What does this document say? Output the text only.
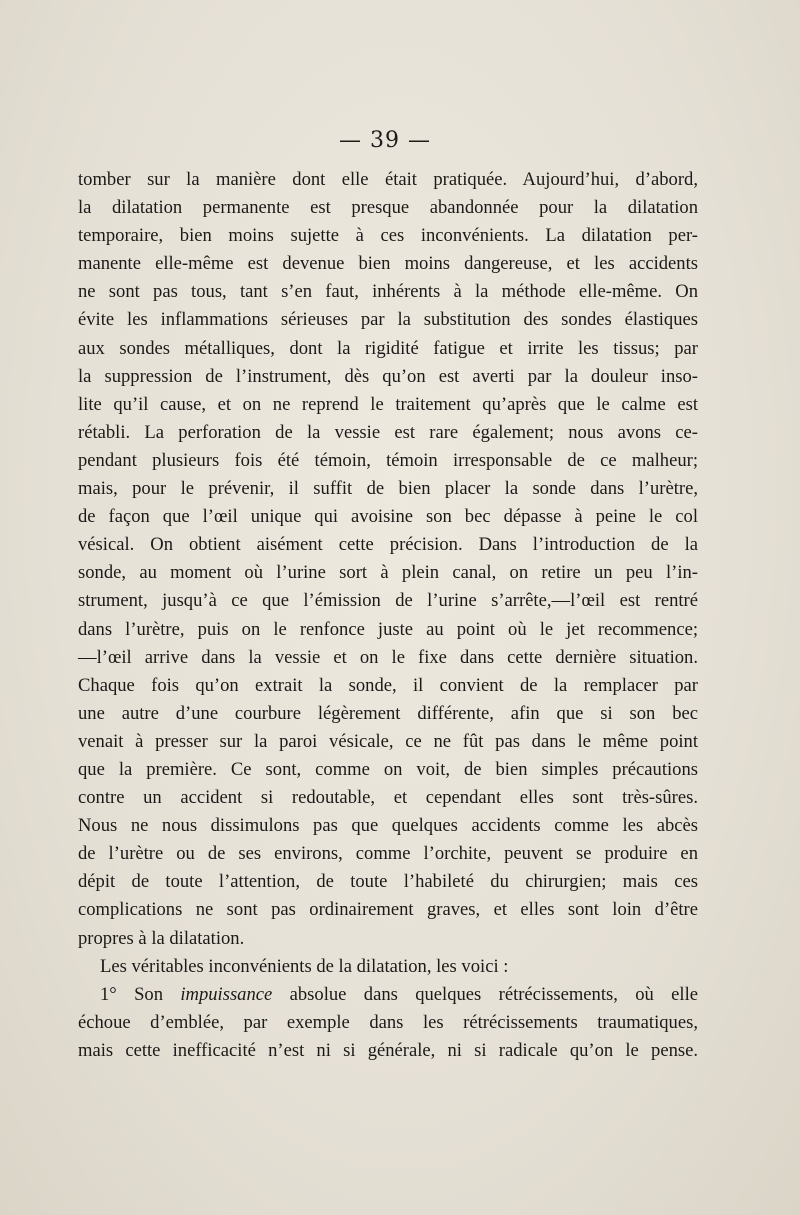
— 39 —
tomber sur la manière dont elle était pratiquée. Aujourd’hui, d’abord,
la dilatation permanente est presque abandonnée pour la dilatation
temporaire, bien moins sujette à ces inconvénients. La dilatation per-
manente elle-même est devenue bien moins dangereuse, et les accidents
ne sont pas tous, tant s’en faut, inhérents à la méthode elle-même. On
évite les inflammations sérieuses par la substitution des sondes élastiques
aux sondes métalliques, dont la rigidité fatigue et irrite les tissus; par
la suppression de l’instrument, dès qu’on est averti par la douleur inso-
lite qu’il cause, et on ne reprend le traitement qu’après que le calme est
rétabli. La perforation de la vessie est rare également; nous avons ce-
pendant plusieurs fois été témoin, témoin irresponsable de ce malheur;
mais, pour le prévenir, il suffit de bien placer la sonde dans l’urètre,
de façon que l’œil unique qui avoisine son bec dépasse à peine le col
vésical. On obtient aisément cette précision. Dans l’introduction de la
sonde, au moment où l’urine sort à plein canal, on retire un peu l’in-
strument, jusqu’à ce que l’émission de l’urine s’arrête,—l’œil est rentré
dans l’urètre, puis on le renfonce juste au point où le jet recommence;
—l’œil arrive dans la vessie et on le fixe dans cette dernière situation.
Chaque fois qu’on extrait la sonde, il convient de la remplacer par
une autre d’une courbure légèrement différente, afin que si son bec
venait à presser sur la paroi vésicale, ce ne fût pas dans le même point
que la première. Ce sont, comme on voit, de bien simples précautions
contre un accident si redoutable, et cependant elles sont très-sûres.
Nous ne nous dissimulons pas que quelques accidents comme les abcès
de l’urètre ou de ses environs, comme l’orchite, peuvent se produire en
dépit de toute l’attention, de toute l’habileté du chirurgien; mais ces
complications ne sont pas ordinairement graves, et elles sont loin d’être
propres à la dilatation.
Les véritables inconvénients de la dilatation, les voici :
1° Son impuissance absolue dans quelques rétrécissements, où elle
échoue d’emblée, par exemple dans les rétrécissements traumatiques,
mais cette inefficacité n’est ni si générale, ni si radicale qu’on le pense.
